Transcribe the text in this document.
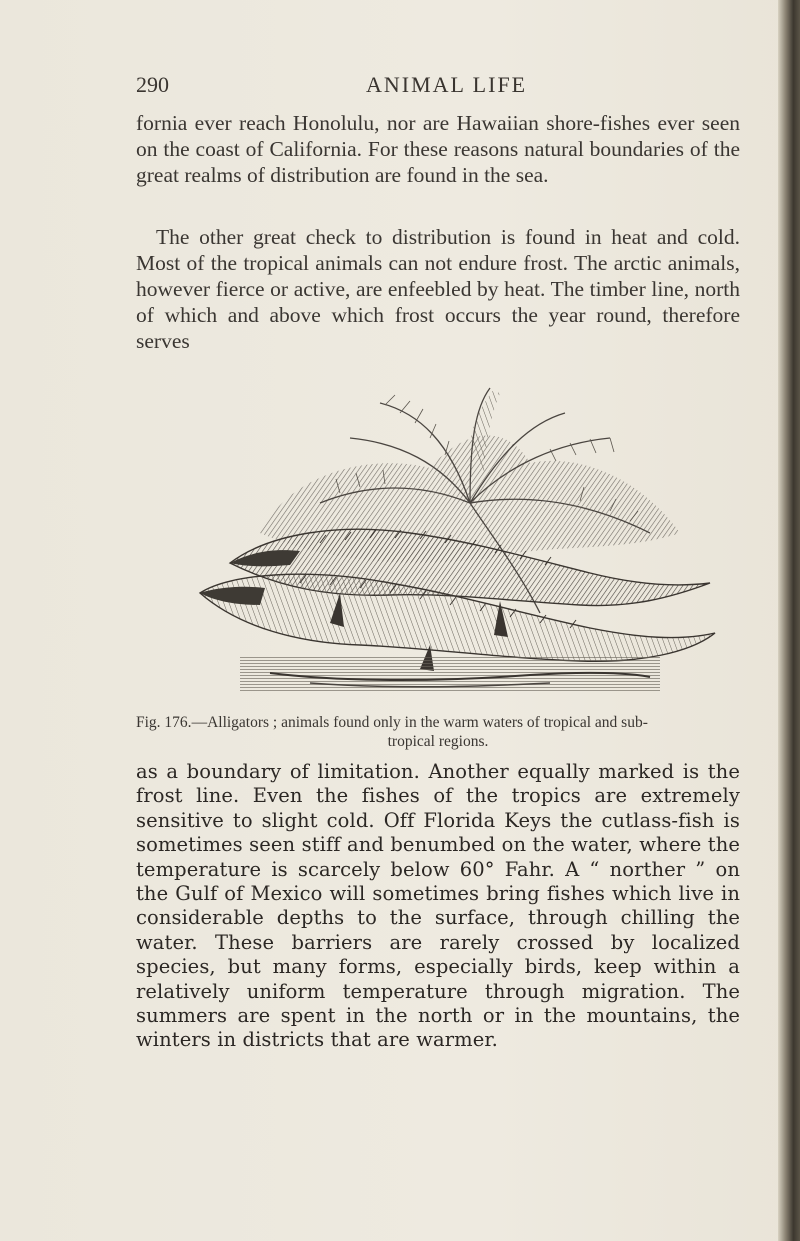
290	ANIMAL LIFE

fornia ever reach Honolulu, nor are Hawaiian shore-fishes ever seen on the coast of California. For these reasons natural boundaries of the great realms of distribution are found in the sea.

The other great check to distribution is found in heat and cold. Most of the tropical animals can not endure frost. The arctic animals, however fierce or active, are enfeebled by heat. The timber line, north of which and above which frost occurs the year round, therefore serves

Fig. 176.—Alligators ; animals found only in the warm waters of tropical and sub-
tropical regions.

as a boundary of limitation. Another equally marked is the frost line. Even the fishes of the tropics are extremely sensitive to slight cold. Off Florida Keys the cutlass-fish is sometimes seen stiff and benumbed on the water, where the temperature is scarcely below 60° Fahr. A “ norther ” on the Gulf of Mexico will sometimes bring fishes which live in considerable depths to the surface, through chilling the water. These barriers are rarely crossed by localized species, but many forms, especially birds, keep within a relatively uniform temperature through migration. The summers are spent in the north or in the mountains, the winters in districts that are warmer.
